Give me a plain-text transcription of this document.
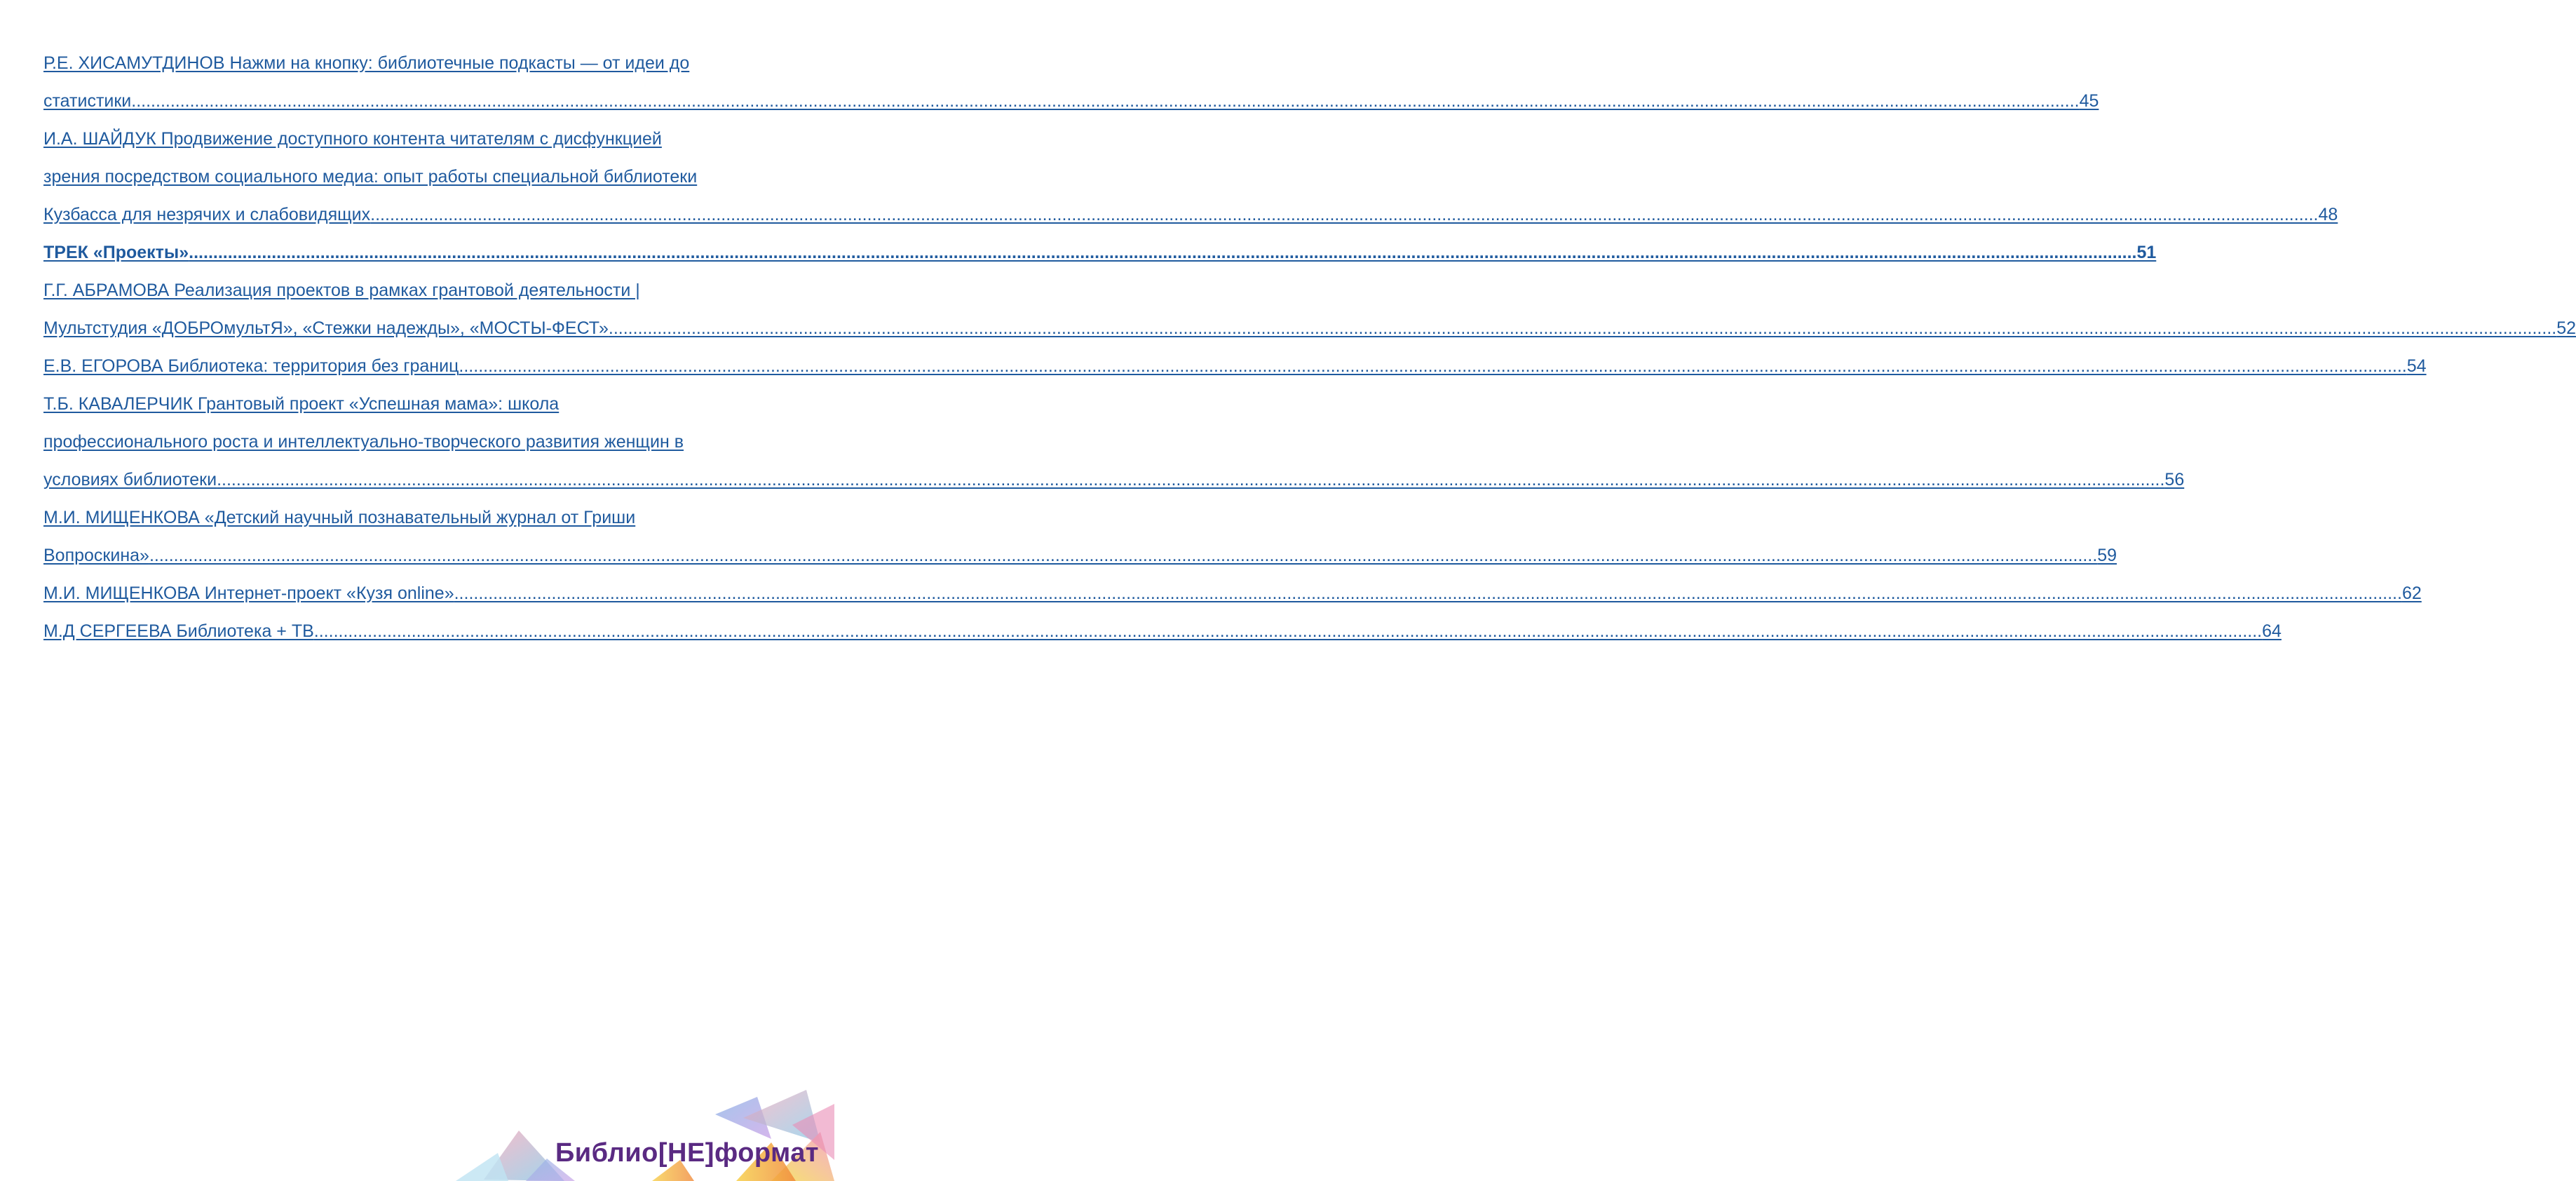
Р.Е. ХИСАМУТДИНОВ Нажми на кнопку: библиотечные подкасты — от идеи до
статистики ................................................................................................................................................................................................................................................................................................................................................................................................................ 45
И.А. ШАЙДУК Продвижение доступного контента читателям с дисфункцией
зрения посредством социального медиа: опыт работы специальной библиотеки
Кузбасса для незрячих и слабовидящих ................................................................................................................................................................................................................................................................................................................................................................................................................ 48
ТРЕК «Проекты» ................................................................................................................................................................................................................................................................................................................................................................................................................ 51
Г.Г. АБРАМОВА Реализация проектов в рамках грантовой деятельности |
Мультстудия «ДОБРОмультЯ», «Стежки надежды», «МОСТЫ-ФЕСТ» ................................................................................................................................................................................................................................................................................................................................................................................................................ 52
Е.В. ЕГОРОВА Библиотека: территория без границ ................................................................................................................................................................................................................................................................................................................................................................................................................ 54
Т.Б. КАВАЛЕРЧИК Грантовый проект «Успешная мама»: школа
профессионального роста и интеллектуально-творческого развития женщин в
условиях библиотеки ................................................................................................................................................................................................................................................................................................................................................................................................................ 56
М.И. МИЩЕНКОВА «Детский научный познавательный журнал от Гриши
Вопроскина» ................................................................................................................................................................................................................................................................................................................................................................................................................ 59
М.И. МИЩЕНКОВА Интернет-проект «Кузя online» ................................................................................................................................................................................................................................................................................................................................................................................................................ 62
М.Д СЕРГЕЕВА Библиотека + ТВ ................................................................................................................................................................................................................................................................................................................................................................................................................ 64
Библио[НЕ]формат
